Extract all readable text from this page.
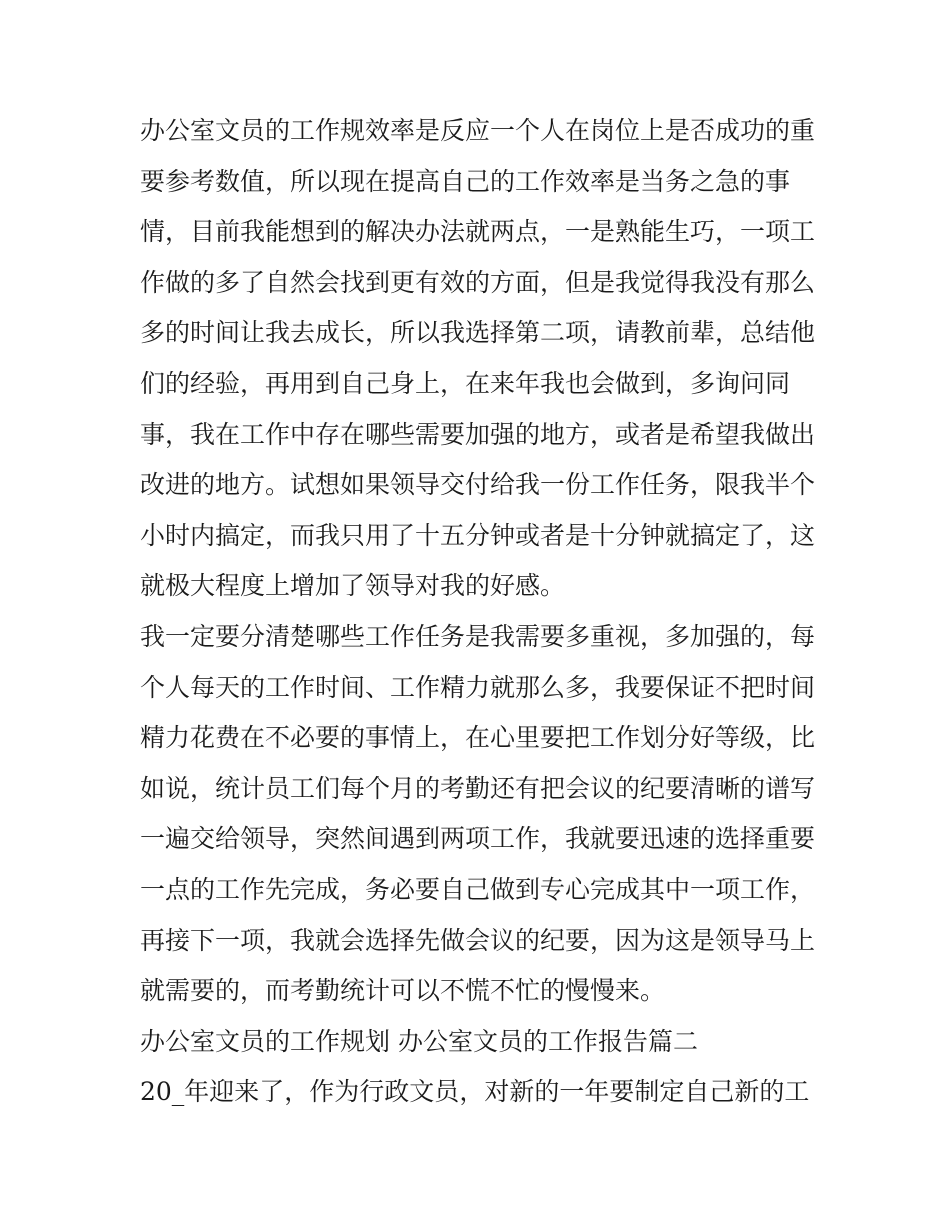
办公室文员的工作规效率是反应一个人在岗位上是否成功的重
要参考数值，所以现在提高自己的工作效率是当务之急的事
情，目前我能想到的解决办法就两点，一是熟能生巧，一项工
作做的多了自然会找到更有效的方面，但是我觉得我没有那么
多的时间让我去成长，所以我选择第二项，请教前辈，总结他
们的经验，再用到自己身上，在来年我也会做到，多询问同
事，我在工作中存在哪些需要加强的地方，或者是希望我做出
改进的地方。试想如果领导交付给我一份工作任务，限我半个
小时内搞定，而我只用了十五分钟或者是十分钟就搞定了，这
就极大程度上增加了领导对我的好感。
我一定要分清楚哪些工作任务是我需要多重视，多加强的，每
个人每天的工作时间、工作精力就那么多，我要保证不把时间
精力花费在不必要的事情上，在心里要把工作划分好等级，比
如说，统计员工们每个月的考勤还有把会议的纪要清晰的谱写
一遍交给领导，突然间遇到两项工作，我就要迅速的选择重要
一点的工作先完成，务必要自己做到专心完成其中一项工作，
再接下一项，我就会选择先做会议的纪要，因为这是领导马上
就需要的，而考勤统计可以不慌不忙的慢慢来。
办公室文员的工作规划 办公室文员的工作报告篇二
20_年迎来了，作为行政文员，对新的一年要制定自己新的工
